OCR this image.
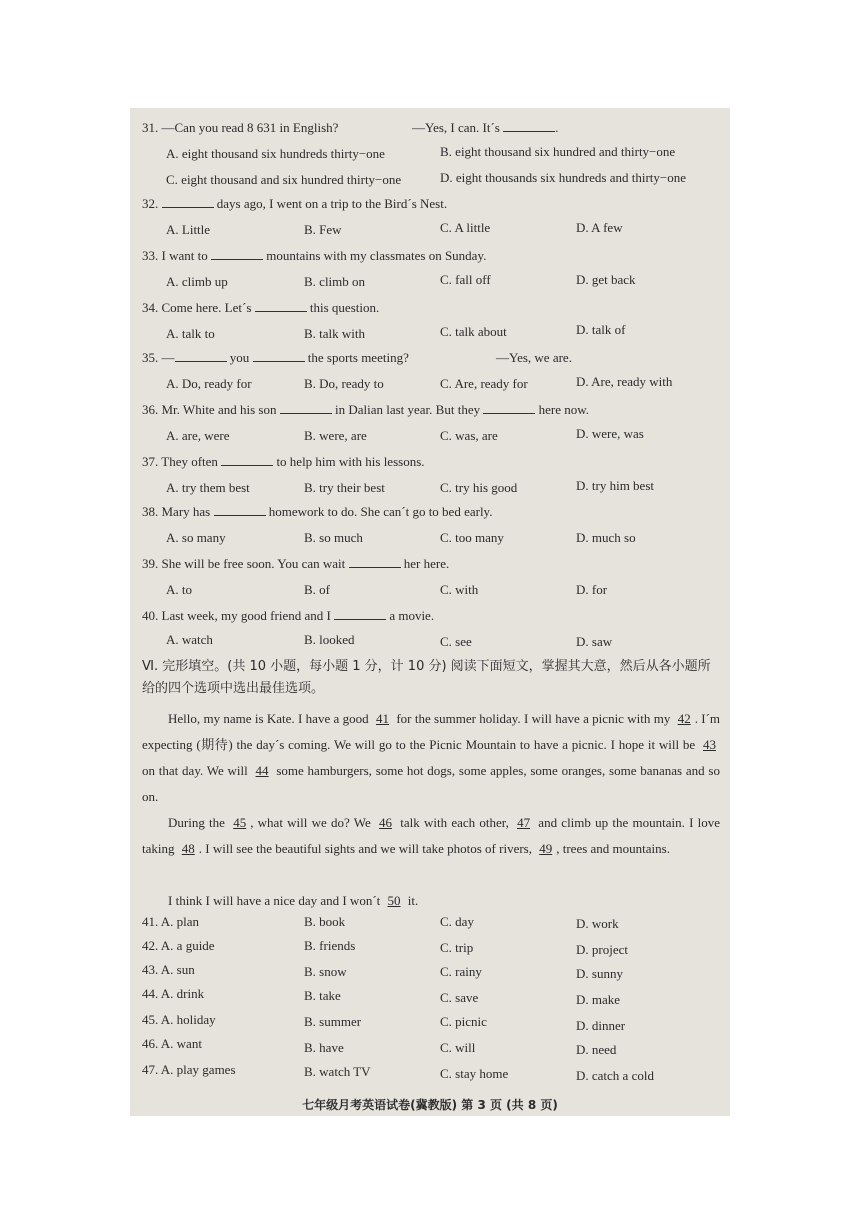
31. —Can you read 8 631 in English?	—Yes, I can. It´s	.
A. eight thousand six hundreds thirty−one	B. eight thousand six hundred and thirty−one
C. eight thousand and six hundred thirty−one	D. eight thousands six hundreds and thirty−one
32.	days ago, I went on a trip to the Bird´s Nest.
A. Little	B. Few	C. A little	D. A few
33. I want to	mountains with my classmates on Sunday.
A. climb up	B. climb on	C. fall off	D. get back
34. Come here. Let´s	this question.
A. talk to	B. talk with	C. talk about	D. talk of
35. —	you	the sports meeting?	—Yes, we are.
A. Do, ready for	B. Do, ready to	C. Are, ready for	D. Are, ready with
36. Mr. White and his son	in Dalian last year. But they	here now.
A. are, were	B. were, are	C. was, are	D. were, was
37. They often	to help him with his lessons.
A. try them best	B. try their best	C. try his good	D. try him best
38. Mary has	homework to do. She can´t go to bed early.
A. so many	B. so much	C. too many	D. much so
39. She will be free soon. You can wait	her here.
A. to	B. of	C. with	D. for
40. Last week, my good friend and I	a movie.
A. watch	B. looked	C. see	D. saw
Ⅵ. 完形填空。(共 10 小题，每小题 1 分，计 10 分) 阅读下面短文，掌握其大意，然后从各小题所
给的四个选项中选出最佳选项。
Hello, my name is Kate. I have a good 41 for the summer holiday. I will have a picnic with my 42 . I´m expecting (期待) the day´s coming. We will go to the Picnic Mountain to have a picnic. I hope it will be 43 on that day. We will 44 some hamburgers, some hot dogs, some apples, some oranges, some bananas and so on.
During the 45 , what will we do? We 46 talk with each other, 47 and climb up the mountain. I love taking 48 . I will see the beautiful sights and we will take photos of rivers, 49 , trees and mountains.
I think I will have a nice day and I won´t 50 it.
41. A. plan	B. book	C. day	D. work
42. A. a guide	B. friends	C. trip	D. project
43. A. sun	B. snow	C. rainy	D. sunny
44. A. drink	B. take	C. save	D. make
45. A. holiday	B. summer	C. picnic	D. dinner
46. A. want	B. have	C. will	D. need
47. A. play games	B. watch TV	C. stay home	D. catch a cold
七年级月考英语试卷(冀教版) 第 3 页 (共 8 页)
